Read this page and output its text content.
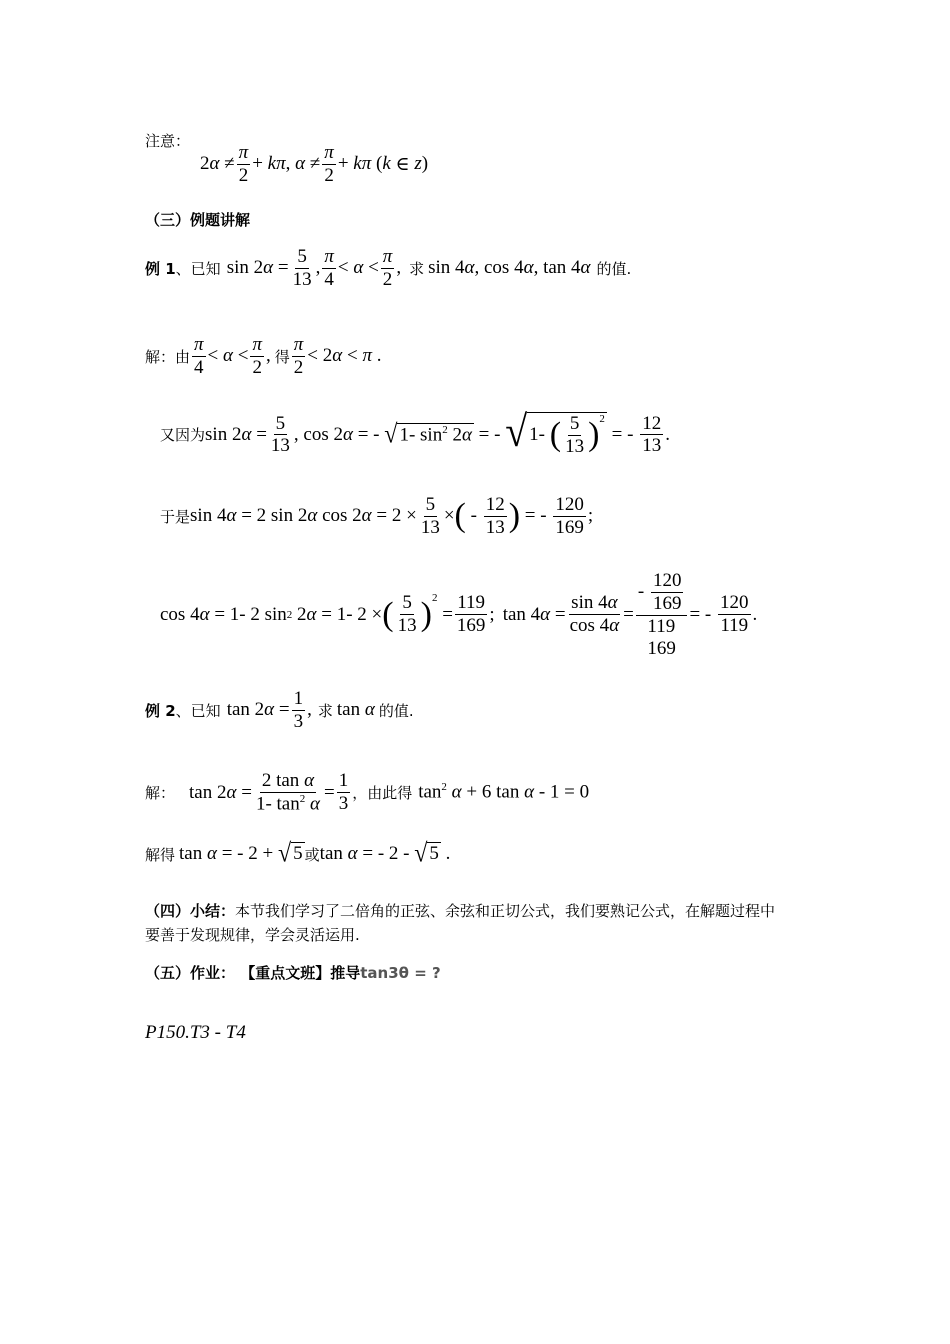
注意：
2 $\alpha \ne \frac{\pi}{2} + k\pi$ , $\alpha \ne \frac{\pi}{2} + k\pi$ ( k ∈ z )
（三）例题讲解
例 1 、已知 sin 2 $\alpha = \frac{5}{13}$ , $\frac{\pi}{4} < \alpha < \frac{\pi}{2}$ , 求 sin 4α, cos 4α, tan 4α 的值.
解：由 $\frac{\pi}{4} < \alpha < \frac{\pi}{2}$ , 得 $\frac{\pi}{2} < 2$ α < π .
又因为 sin 2 $\alpha = \frac{5}{13}$ , cos 2 α = - √ 1- $\sin^2 2\alpha$ = - √ 1- ( $\frac{5}{13}$ ) 2
= - $\frac{12}{13}$ .
于是 sin 4 α = 2 sin 2 α cos 2 $\alpha = 2 \times \frac{5}{13}$ × ( - $\frac{12}{13}$ ) = - $\frac{120}{169}$ ;
cos 4 α = 1- 2 sin 2 2 α = 1- 2 × ( $\frac{5}{13}$ ) 2
= $\frac{119}{169}$ ; tan 4 $\alpha = \frac{\sin 4\alpha}{\cos 4\alpha}$ =
- $\frac{120}{169}$
119
169
= - $\frac{120}{119}$ .
例 2 、已知 tan 2 $\alpha = \frac{1}{3}$ , 求 tan α 的值.
解： tan 2 $\alpha = \frac{\text{2 tan α}}{1- \tan^2 \alpha} = \frac{1}{3}$ ，由此得 $\tan^2 \alpha + 6$ tan α - 1 = 0
解得 tan α = - 2 + √ 5 或 tan α = - 2 - √ 5 .
（四）小结：本节我们学习了二倍角的正弦、余弦和正切公式，我们要熟记公式，在解题过程中
要善于发现规律，学会灵活运用.
（五）作业： 【重点文班】推导tan3θ = ?
P150.T3 - T4
